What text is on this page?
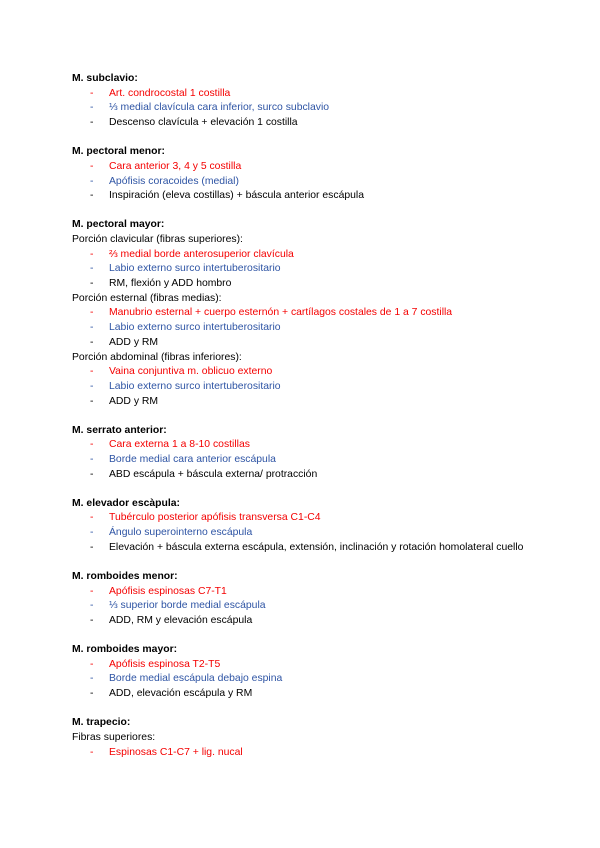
M. subclavio:
- Art. condrocostal 1 costilla
- ⅓ medial clavícula cara inferior, surco subclavio
- Descenso clavícula + elevación 1 costilla
M. pectoral menor:
- Cara anterior 3, 4 y 5 costilla
- Apófisis coracoides (medial)
- Inspiración (eleva costillas) + báscula anterior escápula
M. pectoral mayor:
Porción clavicular (fibras superiores):
- ⅔ medial borde anterosuperior clavícula
- Labio externo surco intertuberositario
- RM, flexión y ADD hombro
Porción esternal (fibras medias):
- Manubrio esternal + cuerpo esternón + cartílagos costales de 1 a 7 costilla
- Labio externo surco intertuberositario
- ADD y RM
Porción abdominal (fibras inferiores):
- Vaina conjuntiva m. oblicuo externo
- Labio externo surco intertuberositario
- ADD y RM
M. serrato anterior:
- Cara externa 1 a 8-10 costillas
- Borde medial cara anterior escápula
- ABD escápula + báscula externa/ protracción
M. elevador escàpula:
- Tubérculo posterior apófisis transversa C1-C4
- Ángulo superointerno escápula
- Elevación + báscula externa escápula, extensión, inclinación y rotación homolateral cuello
M. romboides menor:
- Apófisis espinosas C7-T1
- ⅓ superior borde medial escápula
- ADD, RM y elevación escápula
M. romboides mayor:
- Apófisis espinosa T2-T5
- Borde medial escápula debajo espina
- ADD, elevación escápula y RM
M. trapecio:
Fibras superiores:
- Espinosas C1-C7 + lig. nucal
